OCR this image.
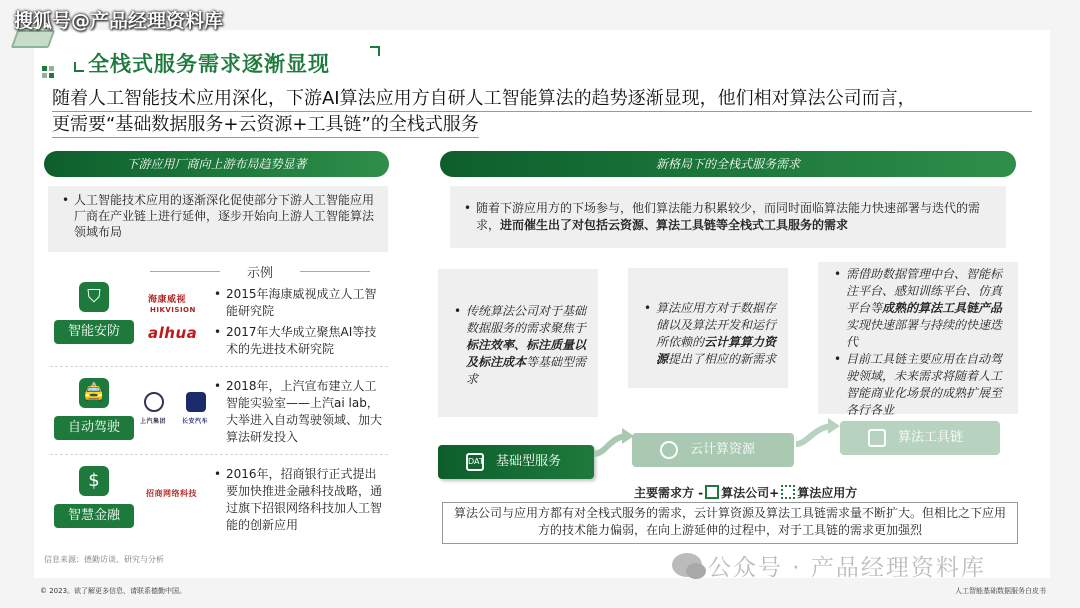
搜狐号@产品经理资料库
全栈式服务需求逐渐显现
随着人工智能技术应用深化，下游AI算法应用方自研人工智能算法的趋势逐渐显现，他们相对算法公司而言，
更需要“基础数据服务+云资源+工具链”的全栈式服务
下游应用厂商向上游布局趋势显著
• 人工智能技术应用的逐渐深化促使部分下游人工智能应用厂商在产业链上进行延伸，逐步开始向上游人工智能算法领域布局
示例
⛉
智能安防
海康威视
HIKVISION
alhua
• 2015年海康威视成立人工智能研究院
• 2017年大华成立聚焦AI等技术的先进技术研究院
🚖
自动驾驶	上汽集团	长安汽车
• 2018年，上汽宣布建立人工智能实验室——上汽ai lab，大举进入自动驾驶领域、加大算法研发投入
$
智慧金融
招商网络科技
• 2016年，招商银行正式提出要加快推进金融科技战略，通过旗下招银网络科技加人工智能的创新应用
信息来源：德勤访谈、研究与分析
新格局下的全栈式服务需求
• 随着下游应用方的下场参与，他们算法能力积累较少，而同时面临算法能力快速部署与迭代的需求，进而催生出了对包括云资源、算法工具链等全栈式工具服务的需求
• 传统算法公司对于基础数据服务的需求聚焦于标注效率、标注质量以及标注成本等基础型需求
• 算法应用方对于数据存储以及算法开发和运行所依赖的云计算算力资源提出了相应的新需求
• 需借助数据管理中台、智能标注平台、感知训练平台、仿真平台等成熟的算法工具链产品实现快速部署与持续的快速迭代
• 目前工具链主要应用在自动驾驶领域，未来需求将随着人工智能商业化场景的成熟扩展至各行各业
DAT 基础型服务
云计算资源
算法工具链
主要需求方 - 算法公司+ 算法应用方
算法公司与应用方都有对全栈式服务的需求，云计算资源及算法工具链需求量不断扩大。但相比之下应用方的技术能力偏弱，在向上游延伸的过程中，对于工具链的需求更加强烈
公众号 · 产品经理资料库
© 2023。欲了解更多信息，请联系德勤中国。	人工智能基础数据服务白皮书
